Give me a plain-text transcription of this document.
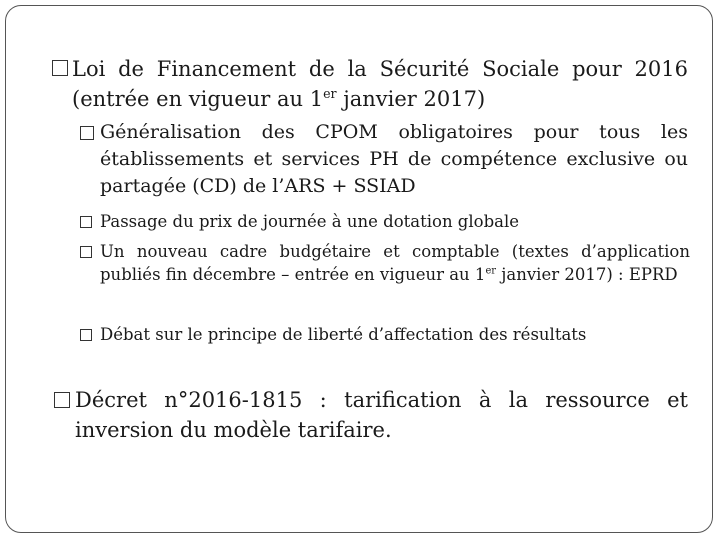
Loi de Financement de la Sécurité Sociale pour 2016 (entrée en vigueur au 1er janvier 2017)
Généralisation des CPOM obligatoires pour tous les établissements et services PH de compétence exclusive ou partagée (CD) de l’ARS + SSIAD
Passage du prix de journée à une dotation globale
Un nouveau cadre budgétaire et comptable (textes d’application publiés fin décembre – entrée en vigueur au 1er janvier 2017) : EPRD
Débat sur le principe de liberté d’affectation des résultats
Décret n°2016-1815 : tarification à la ressource et inversion du modèle tarifaire.
